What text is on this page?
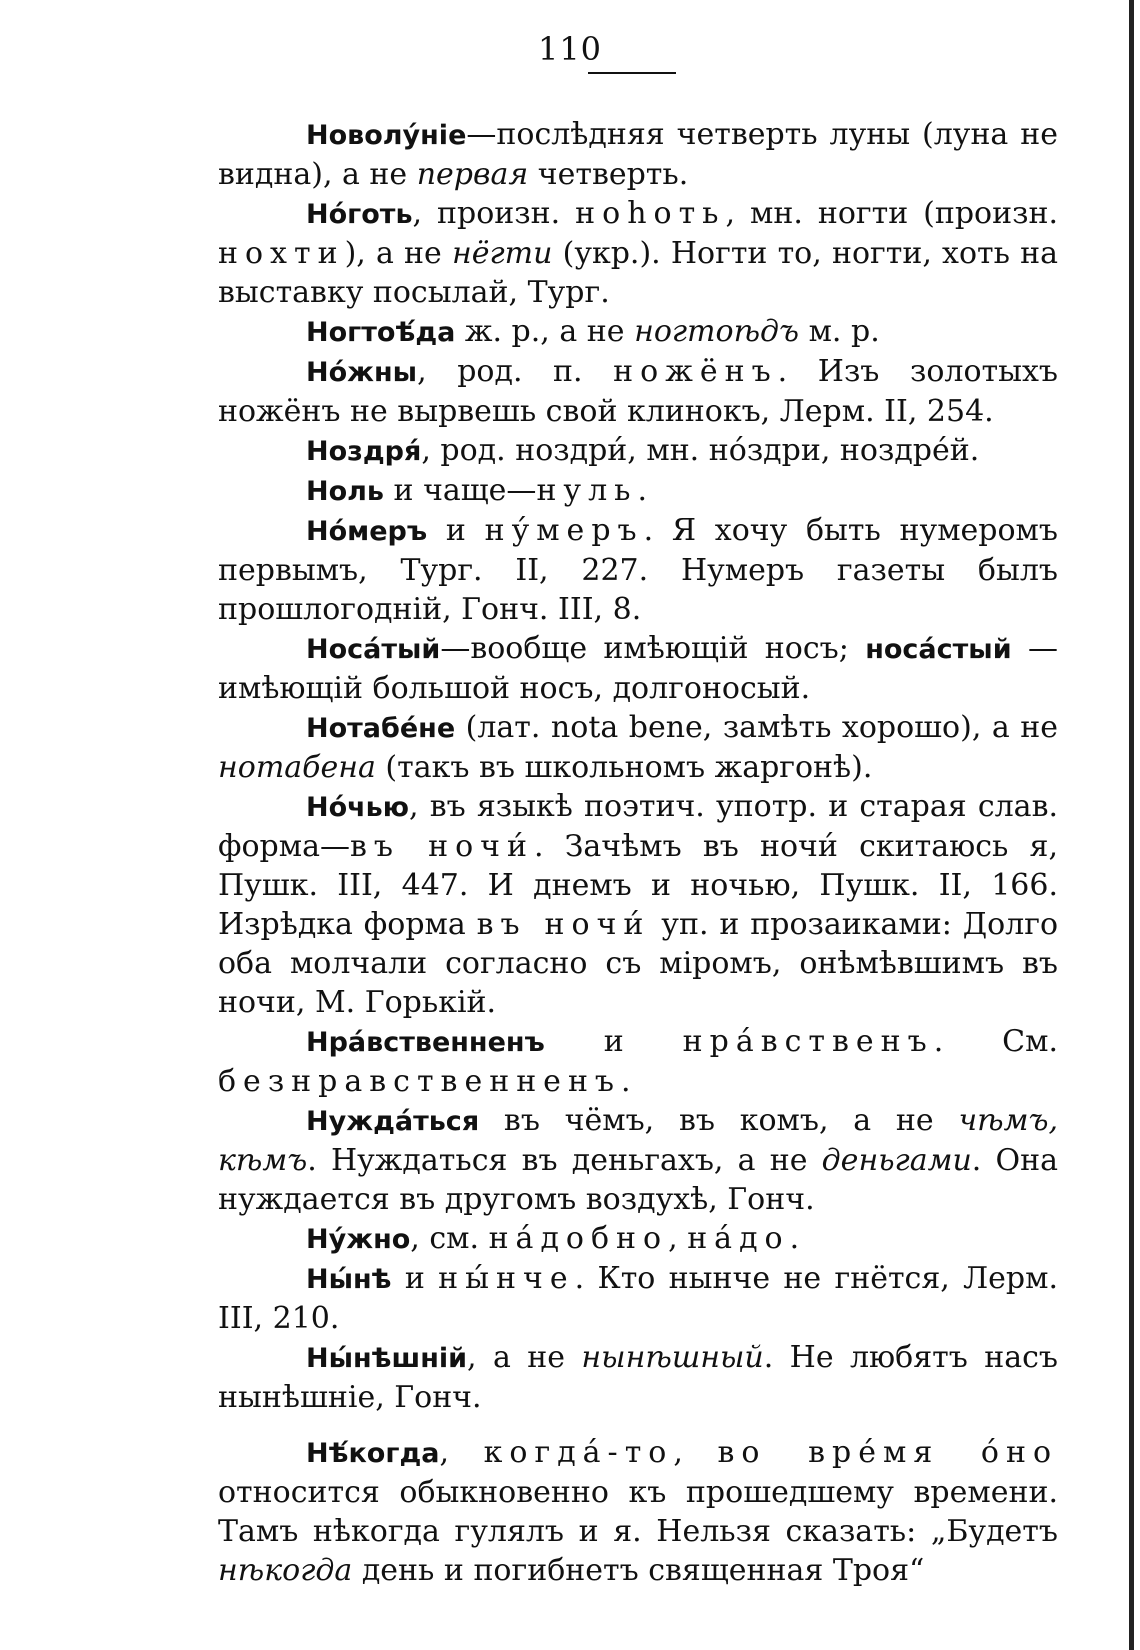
110

Новолу́ніе—послѣдняя четверть луны (луна не видна), а не первая четверть.

Но́готь, произн. ноһоть, мн. ногти (произн. нохти), а не нёгти (укр.). Ногти то, ногти, хоть на выставку посылай, Тург.

Ногтоѣ́да ж. р., а не ногтоѣдъ м. р.

Но́жны, род. п. ножёнъ. Изъ золотыхъ ножёнъ не вырвешь свой клинокъ, Лерм. II, 254.

Ноздря́, род. ноздри́, мн. но́здри, ноздре́й.

Ноль и чаще—нуль.

Но́меръ и ну́меръ. Я хочу быть нумеромъ первымъ, Тург. II, 227. Нумеръ газеты былъ прошлогодній, Гонч. III, 8.

Носа́тый—вообще имѣющій носъ; носа́стый — имѣющій большой носъ, долгоносый.

Нотабе́не (лат. nota bene, замѣть хорошо), а не нотабена (такъ въ школьномъ жаргонѣ).

Но́чью, въ языкѣ поэтич. употр. и старая слав. форма—въ ночи́. Зачѣмъ въ ночи́ скитаюсь я, Пушк. III, 447. И днемъ и ночью, Пушк. II, 166. Изрѣдка форма въ ночи́ уп. и прозаиками: Долго оба молчали согласно съ міромъ, онѣмѣвшимъ въ ночи, М. Горькій.

Нра́вственненъ и нра́вственъ. См. безнравственненъ.

Нужда́ться въ чёмъ, въ комъ, а не чѣмъ, кѣмъ. Нуждаться въ деньгахъ, а не деньгами. Она нуждается въ другомъ воздухѣ, Гонч.

Ну́жно, см. на́добно, на́до.

Ны́нѣ и ны́нче. Кто нынче не гнётся, Лерм. III, 210.

Ны́нѣшній, а не нынѣшный. Не любятъ насъ нынѣшніе, Гонч.

Нѣ́когда, когда́-то, во вре́мя о́но относится обыкновенно къ прошедшему времени. Тамъ нѣкогда гулялъ и я. Нельзя сказать: „Будетъ нѣкогда день и погибнетъ священная Троя“
